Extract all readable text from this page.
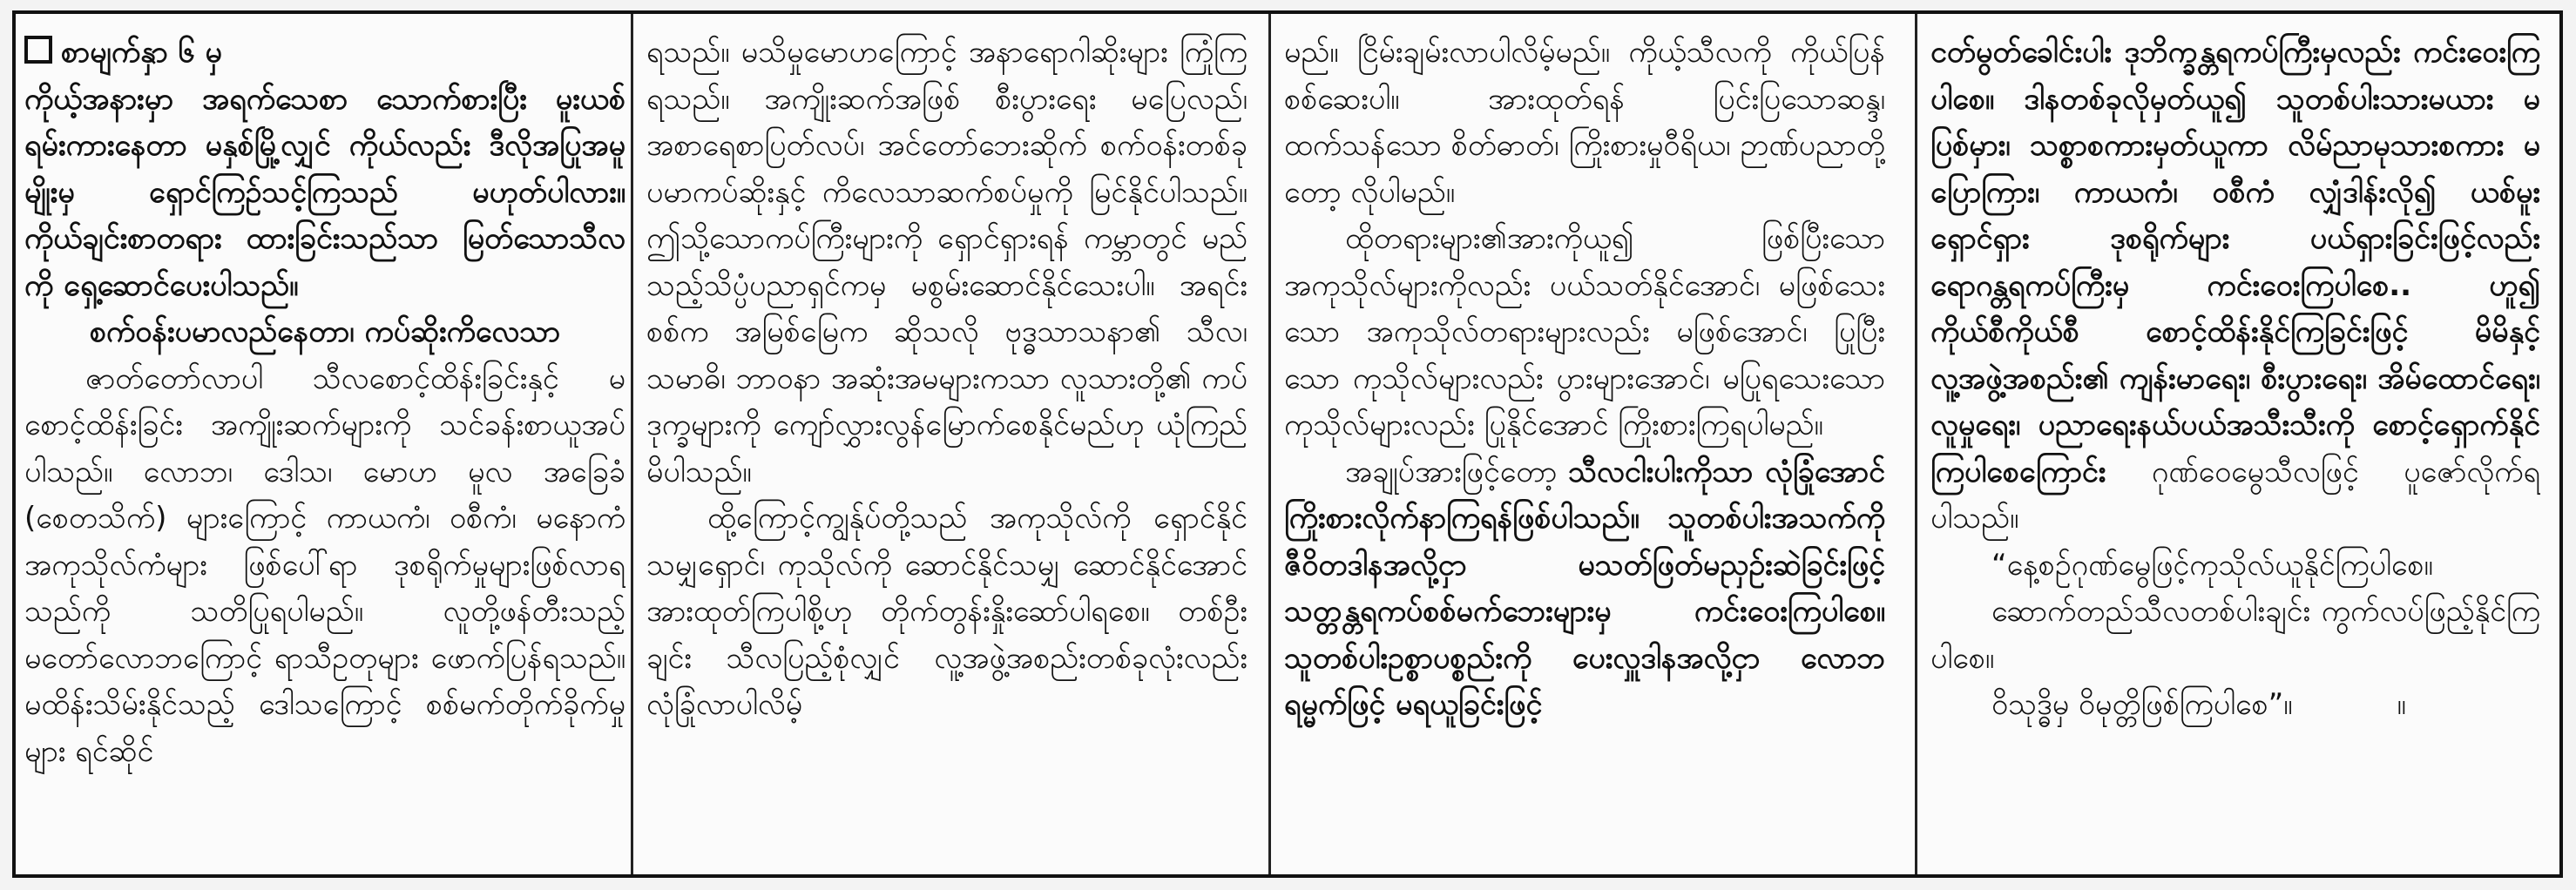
စာမျက်နှာ ၆ မှ

ကိုယ့်အနားမှာ အရက်သေစာ သောက်စားပြီး မူးယစ်ရမ်းကားနေတာ မနှစ်မြို့လျှင် ကိုယ်လည်း ဒီလိုအပြုအမူမျိုးမှ ရှောင်ကြဉ်သင့်ကြသည် မဟုတ်ပါလား။ ကိုယ်ချင်းစာတရား ထားခြင်းသည်သာ မြတ်သောသီလကို ရှေ့ဆောင်ပေးပါသည်။

စက်ဝန်းပမာလည်နေတာ၊ ကပ်ဆိုးကိလေသာ

ဇာတ်တော်လာပါ သီလစောင့်ထိန်းခြင်းနှင့် မစောင့်ထိန်းခြင်း အကျိုးဆက်များကို သင်ခန်းစာယူအပ်ပါသည်။ လောဘ၊ ဒေါသ၊ မောဟ မူလ အခြေခံ (စေတသိက်) များကြောင့် ကာယကံ၊ ဝစီကံ၊ မနောကံ အကုသိုလ်ကံများ ဖြစ်ပေါ်ရာ ဒုစရိုက်မှုများဖြစ်လာရသည်ကို သတိပြုရပါမည်။ လူတို့ဖန်တီးသည့် မတော်လောဘကြောင့် ရာသီဥတုများ ဖောက်ပြန်ရသည်။ မထိန်းသိမ်းနိုင်သည့် ဒေါသကြောင့် စစ်မက်တိုက်ခိုက်မှုများ ရင်ဆိုင်

ရသည်။ မသိမှုမောဟကြောင့် အနာရောဂါဆိုးများ ကြုံကြရသည်။ အကျိုးဆက်အဖြစ် စီးပွားရေး မပြေလည်၊ အစာရေစာပြတ်လပ်၊ အင်တော်ဘေးဆိုက် စက်ဝန်းတစ်ခုပမာကပ်ဆိုးနှင့် ကိလေသာဆက်စပ်မှုကို မြင်နိုင်ပါသည်။ ဤသို့သောကပ်ကြီးများကို ရှောင်ရှားရန် ကမ္ဘာတွင် မည်သည့်သိပ္ပံပညာရှင်ကမှ မစွမ်းဆောင်နိုင်သေးပါ။ အရင်းစစ်က အမြစ်မြေက ဆိုသလို ဗုဒ္ဓသာသနာ၏ သီလ၊ သမာဓိ၊ ဘာဝနာ အဆုံးအမများကသာ လူသားတို့၏ ကပ်ဒုက္ခများကို ကျော်လွှားလွန်မြောက်စေနိုင်မည်ဟု ယုံကြည်မိပါသည်။

ထို့ကြောင့်ကျွန်ုပ်တို့သည် အကုသိုလ်ကို ရှောင်နိုင်သမျှရှောင်၊ ကုသိုလ်ကို ဆောင်နိုင်သမျှ ဆောင်နိုင်အောင်အားထုတ်ကြပါစို့ဟု တိုက်တွန်းနှိုးဆော်ပါရစေ။ တစ်ဦးချင်း သီလပြည့်စုံလျှင် လူ့အဖွဲ့အစည်းတစ်ခုလုံးလည်း လုံခြုံလာပါလိမ့်

မည်။ ငြိမ်းချမ်းလာပါလိမ့်မည်။ ကိုယ့်သီလကို ကိုယ်ပြန်စစ်ဆေးပါ။ အားထုတ်ရန် ပြင်းပြသောဆန္ဒ၊ ထက်သန်သော စိတ်ဓာတ်၊ ကြိုးစားမှုဝီရိယ၊ ဉာဏ်ပညာတို့တော့ လိုပါမည်။

ထိုတရားများ၏အားကိုယူ၍ ဖြစ်ပြီးသော အကုသိုလ်များကိုလည်း ပယ်သတ်နိုင်အောင်၊ မဖြစ်သေးသော အကုသိုလ်တရားများလည်း မဖြစ်အောင်၊ ပြုပြီးသော ကုသိုလ်များလည်း ပွားများအောင်၊ မပြုရသေးသော ကုသိုလ်များလည်း ပြုနိုင်အောင် ကြိုးစားကြရပါမည်။

အချုပ်အားဖြင့်တော့ သီလငါးပါးကိုသာ လုံခြုံအောင် ကြိုးစားလိုက်နာကြရန်ဖြစ်ပါသည်။ သူတစ်ပါးအသက်ကို ဇီဝိတဒါနအလို့ငှာ မသတ်ဖြတ်မညှဉ်းဆဲခြင်းဖြင့် သတ္တန္တရကပ်စစ်မက်ဘေးများမှ ကင်းဝေးကြပါစေ။ သူတစ်ပါးဥစ္စာပစ္စည်းကို ပေးလှူဒါနအလို့ငှာ လောဘရမ္မက်ဖြင့် မရယူခြင်းဖြင့်

ငတ်မွတ်ခေါင်းပါး ဒုဘိက္ခန္တရကပ်ကြီးမှလည်း ကင်းဝေးကြပါစေ။ ဒါနတစ်ခုလိုမှတ်ယူ၍ သူတစ်ပါးသားမယား မပြစ်မှား၊ သစ္စာစကားမှတ်ယူကာ လိမ်ညာမုသားစကား မပြောကြား၊ ကာယကံ၊ ဝစီကံ လျှံဒါန်းလို၍ ယစ်မူးရှောင်ရှား ဒုစရိုက်များ ပယ်ရှားခြင်းဖြင့်လည်း ရောဂန္တရကပ်ကြီးမှ ကင်းဝေးကြပါစေ.. ဟူ၍ ကိုယ်စီကိုယ်စီ စောင့်ထိန်းနိုင်ကြခြင်းဖြင့် မိမိနှင့်လူ့အဖွဲ့အစည်း၏ ကျန်းမာရေး၊ စီးပွားရေး၊ အိမ်ထောင်ရေး၊ လူမှုရေး၊ ပညာရေးနယ်ပယ်အသီးသီးကို စောင့်ရှောက်နိုင်ကြပါစေကြောင်း ဂုဏ်ဝေမွေသီလဖြင့် ပူဇော်လိုက်ရပါသည်။

“နေ့စဉ်ဂုဏ်မွေဖြင့်ကုသိုလ်ယူနိုင်ကြပါစေ။

ဆောက်တည်သီလတစ်ပါးချင်း ကွက်လပ်ဖြည့်နိုင်ကြပါစေ။

ဝိသုဒ္ဓိမှ ဝိမုတ္တိဖြစ်ကြပါစေ”။	။
